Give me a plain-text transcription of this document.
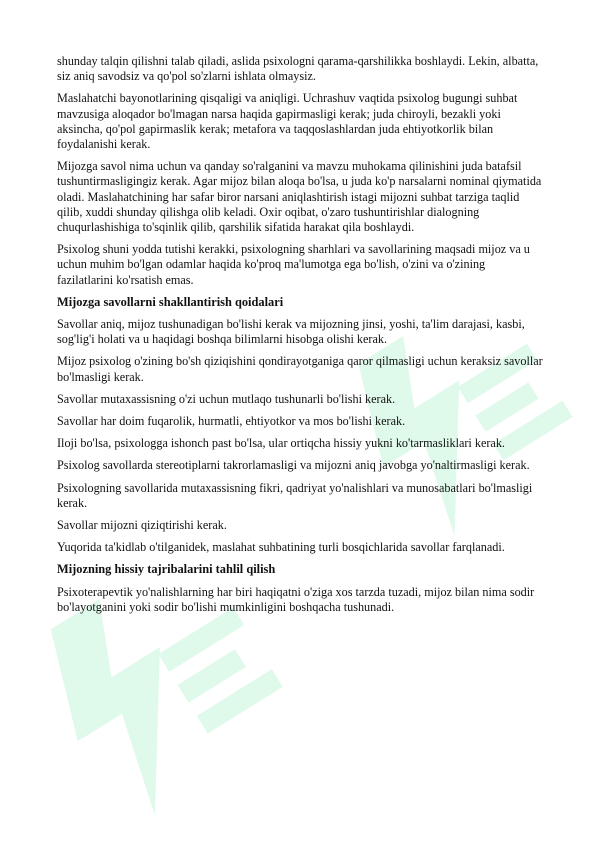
shunday talqin qilishni talab qiladi, aslida psixologni qarama-qarshilikka boshlaydi. Lekin, albatta, siz aniq savodsiz va qo'pol so'zlarni ishlata olmaysiz.

Maslahatchi bayonotlarining qisqaligi va aniqligi. Uchrashuv vaqtida psixolog bugungi suhbat mavzusiga aloqador bo'lmagan narsa haqida gapirmasligi kerak; juda chiroyli, bezakli yoki aksincha, qo'pol gapirmaslik kerak; metafora va taqqoslashlardan juda ehtiyotkorlik bilan foydalanishi kerak.

Mijozga savol nima uchun va qanday so'ralganini va mavzu muhokama qilinishini juda batafsil tushuntirmasligingiz kerak. Agar mijoz bilan aloqa bo'lsa, u juda ko'p narsalarni nominal qiymatida oladi. Maslahatchining har safar biror narsani aniqlashtirish istagi mijozni suhbat tarziga taqlid qilib, xuddi shunday qilishga olib keladi. Oxir oqibat, o'zaro tushuntirishlar dialogning chuqurlashishiga to'sqinlik qilib, qarshilik sifatida harakat qila boshlaydi.

Psixolog shuni yodda tutishi kerakki, psixologning sharhlari va savollarining maqsadi mijoz va u uchun muhim bo'lgan odamlar haqida ko'proq ma'lumotga ega bo'lish, o'zini va o'zining fazilatlarini ko'rsatish emas.

Mijozga savollarni shakllantirish qoidalari

Savollar aniq, mijoz tushunadigan bo'lishi kerak va mijozning jinsi, yoshi, ta'lim darajasi, kasbi, sog'lig'i holati va u haqidagi boshqa bilimlarni hisobga olishi kerak.

Mijoz psixolog o'zining bo'sh qiziqishini qondirayotganiga qaror qilmasligi uchun keraksiz savollar bo'lmasligi kerak.

Savollar mutaxassisning o'zi uchun mutlaqo tushunarli bo'lishi kerak.

Savollar har doim fuqarolik, hurmatli, ehtiyotkor va mos bo'lishi kerak.

Iloji bo'lsa, psixologga ishonch past bo'lsa, ular ortiqcha hissiy yukni ko'tarmasliklari kerak.

Psixolog savollarda stereotiplarni takrorlamasligi va mijozni aniq javobga yo'naltirmasligi kerak.

Psixologning savollarida mutaxassisning fikri, qadriyat yo'nalishlari va munosabatlari bo'lmasligi kerak.

Savollar mijozni qiziqtirishi kerak.

Yuqorida ta'kidlab o'tilganidek, maslahat suhbatining turli bosqichlarida savollar farqlanadi.

Mijozning hissiy tajribalarini tahlil qilish

Psixoterapevtik yo'nalishlarning har biri haqiqatni o'ziga xos tarzda tuzadi, mijoz bilan nima sodir bo'layotganini yoki sodir bo'lishi mumkinligini boshqacha tushunadi.
